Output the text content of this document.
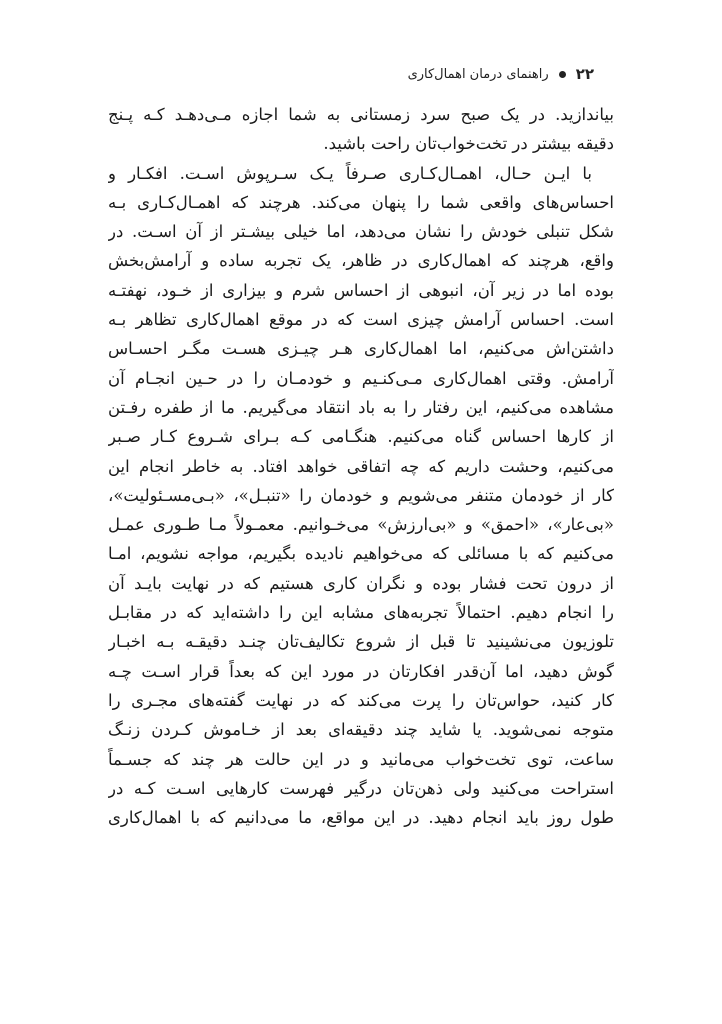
۲۲
راهنمای درمان اهمال‌کاری
بیاندازید. در یک صبح سرد زمستانی به شما اجازه مـی‌دهـد کـه پـنج
دقیقه بیشتر در تخت‌خواب‌تان راحت باشید.
با ایـن حـال، اهمـال‌کـاری صـرفاً یـک سـرپوش اسـت. افکـار و
احساس‌های واقعی شما را پنهان می‌کند. هرچند که اهمـال‌کـاری بـه
شکل تنبلی خودش را نشان می‌دهد، اما خیلی بیشـتر از آن اسـت. در
واقع، هرچند که اهمال‌کاری در ظاهر، یک تجربه ساده و آرامش‌بخش
بوده اما در زیر آن، انبوهی از احساس شرم و بیزاری از خـود، نهفتـه
است. احساس آرامش چیزی است که در موقع اهمال‌کاری تظاهر بـه
داشتن‌اش می‌کنیم، اما اهمال‌کاری هـر چیـزی هسـت مگـر احسـاس
آرامش. وقتی اهمال‌کاری مـی‌کنـیم و خودمـان را در حـین انجـام آن
مشاهده می‌کنیم، این رفتار را به باد انتقاد می‌گیریم. ما از طفره رفـتن
از کارها احساس گناه می‌کنیم. هنگـامی کـه بـرای شـروع کـار صـبر
می‌کنیم، وحشت داریم که چه اتفاقی خواهد افتاد. به خاطر انجام این
کار از خودمان متنفر می‌شویم و خودمان را «تنبـل»، «بـی‌مسـئولیت»،
«بی‌عار»، «احمق» و «بی‌ارزش» می‌خـوانیم. معمـولاً مـا طـوری عمـل
می‌کنیم که با مسائلی که می‌خواهیم نادیده بگیریم، مواجه نشویم، امـا
از درون تحت فشار بوده و نگران کاری هستیم که در نهایت بایـد آن
را انجام دهیم. احتمالاً تجربه‌های مشابه این را داشته‌اید که در مقابـل
تلوزیون می‌نشینید تا قبل از شروع تکالیف‌تان چنـد دقیقـه بـه اخبـار
گوش دهید، اما آن‌قدر افکارتان در مورد این که بعداً قرار اسـت چـه
کار کنید، حواس‌تان را پرت می‌کند که در نهایت گفته‌های مجـری را
متوجه نمی‌شوید. یا شاید چند دقیقه‌ای بعد از خـاموش کـردن زنـگ
ساعت، توی تخت‌خواب می‌مانید و در این حالت هر چند که جسـماً
استراحت می‌کنید ولی ذهن‌تان درگیر فهرست کارهایی اسـت کـه در
طول روز باید انجام دهید. در این مواقع، ما می‌دانیم که با اهمال‌کاری
